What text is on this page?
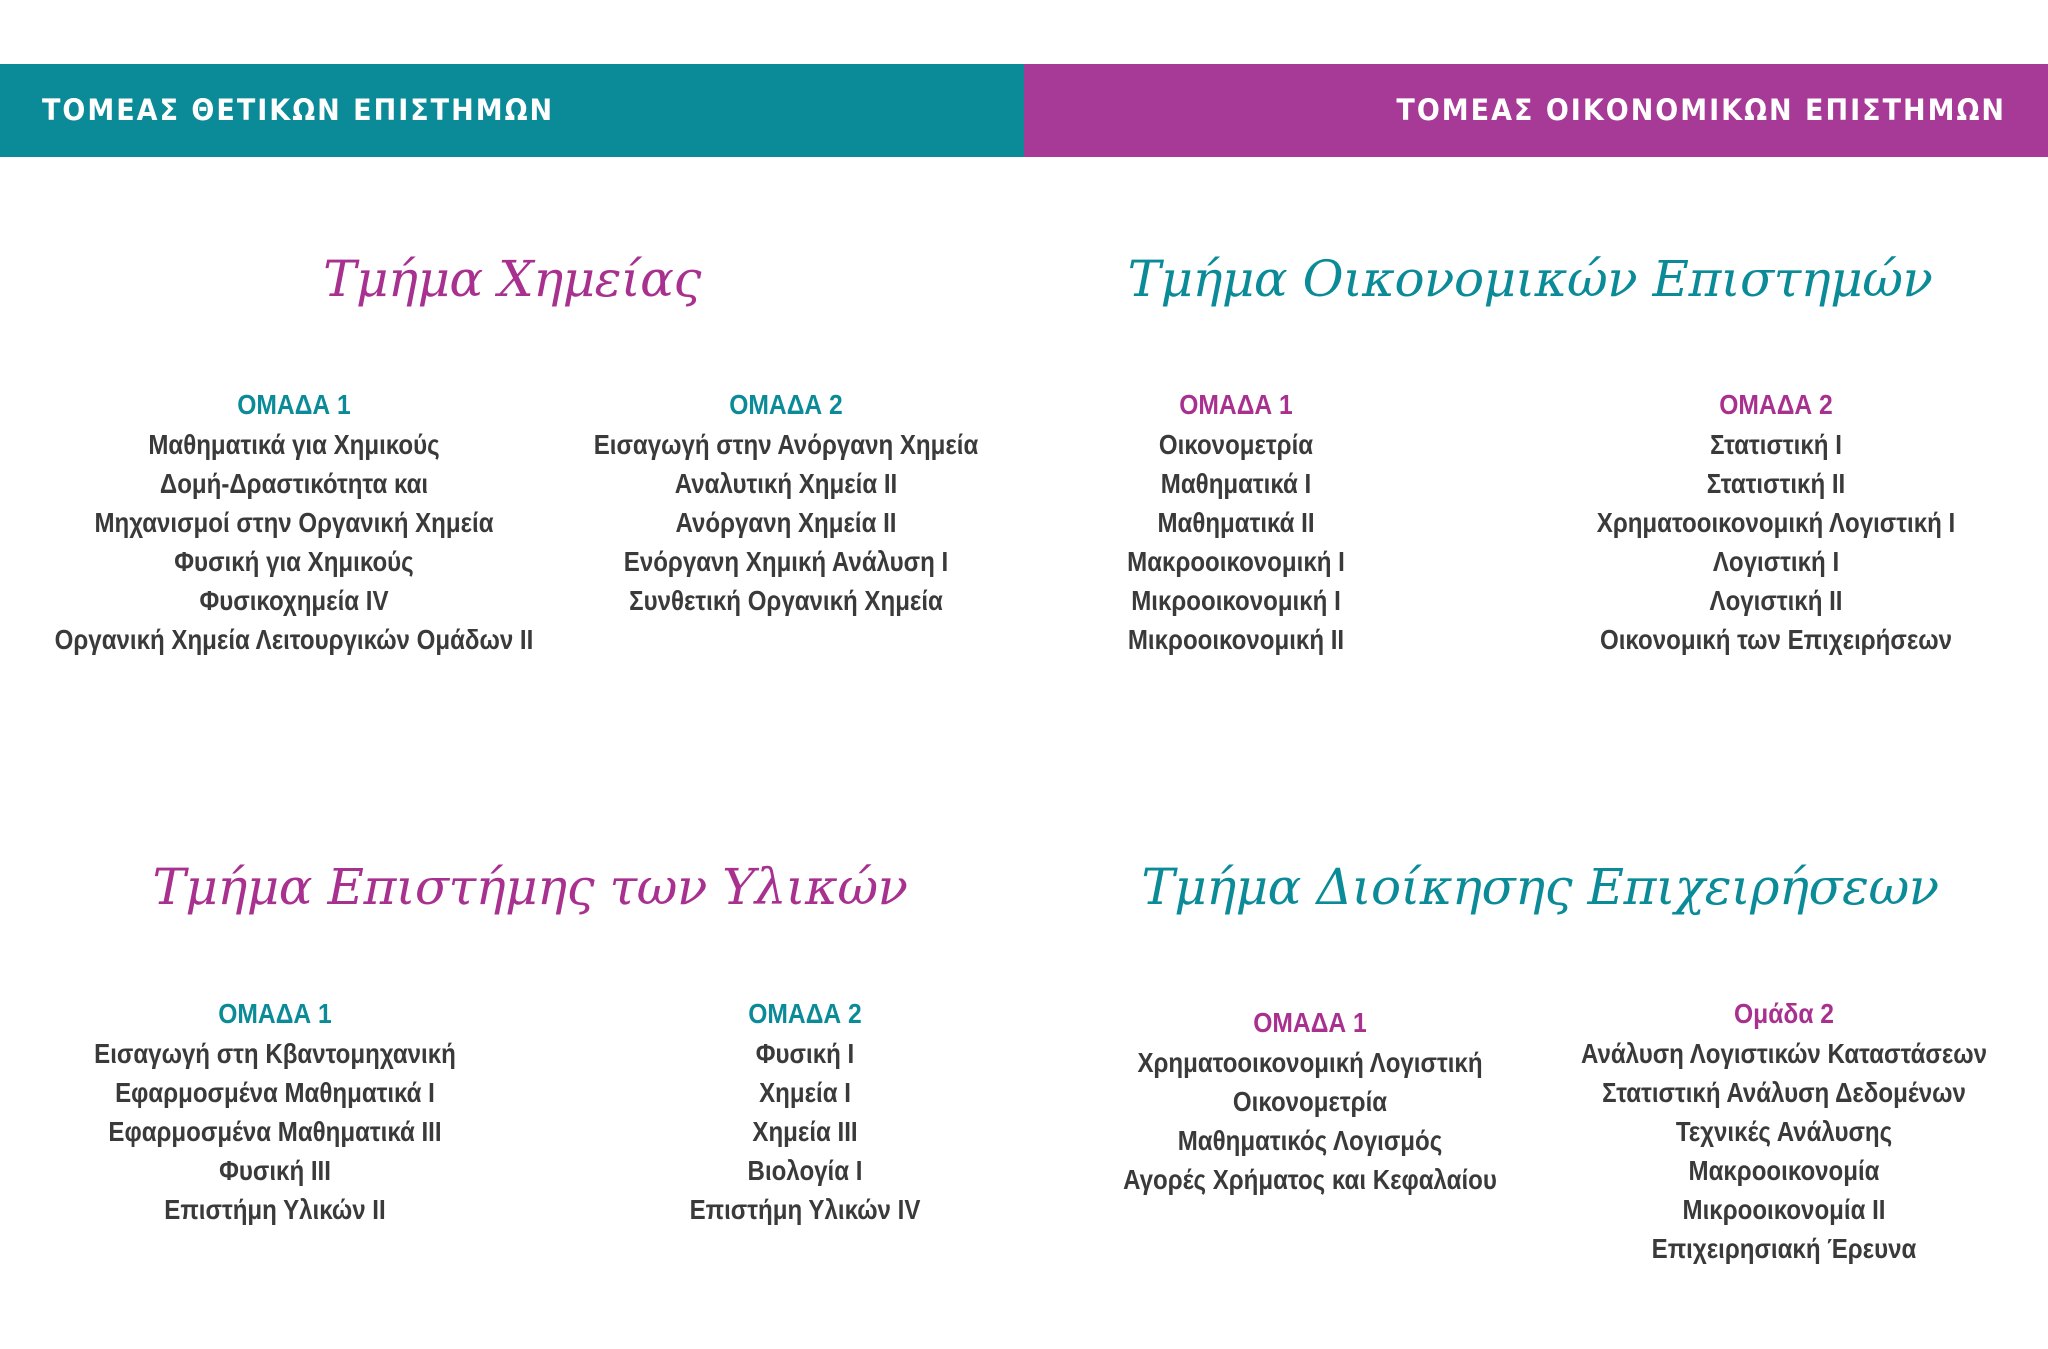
ΤΟΜΕΑΣ ΘΕΤΙΚΩΝ ΕΠΙΣΤΗΜΩΝ	ΤΟΜΕΑΣ ΟΙΚΟΝΟΜΙΚΩΝ ΕΠΙΣΤΗΜΩΝ
Τμήμα Χημείας
ΟΜΑΔΑ 1
Μαθηματικά για Χημικούς
Δομή-Δραστικότητα και
Μηχανισμοί στην Οργανική Χημεία
Φυσική για Χημικούς
Φυσικοχημεία IV
Οργανική Χημεία Λειτουργικών Ομάδων II
ΟΜΑΔΑ 2
Εισαγωγή στην Ανόργανη Χημεία
Αναλυτική Χημεία II
Ανόργανη Χημεία II
Ενόργανη Χημική Ανάλυση I
Συνθετική Οργανική Χημεία
Τμήμα Οικονομικών Επιστημών
ΟΜΑΔΑ 1
Οικονομετρία
Μαθηματικά I
Μαθηματικά II
Μακροοικονομική I
Μικροοικονομική I
Μικροοικονομική II
ΟΜΑΔΑ 2
Στατιστική I
Στατιστική II
Χρηματοοικονομική Λογιστική I
Λογιστική I
Λογιστική II
Οικονομική των Επιχειρήσεων
Τμήμα Επιστήμης των Υλικών
ΟΜΑΔΑ 1
Εισαγωγή στη Κβαντομηχανική
Εφαρμοσμένα Μαθηματικά I
Εφαρμοσμένα Μαθηματικά III
Φυσική III
Επιστήμη Υλικών II
ΟΜΑΔΑ 2
Φυσική I
Χημεία I
Χημεία III
Βιολογία I
Επιστήμη Υλικών IV
Τμήμα Διοίκησης Επιχειρήσεων
ΟΜΑΔΑ 1
Χρηματοοικονομική Λογιστική
Οικονομετρία
Μαθηματικός Λογισμός
Αγορές Χρήματος και Κεφαλαίου
Ομάδα 2
Ανάλυση Λογιστικών Καταστάσεων
Στατιστική Ανάλυση Δεδομένων
Τεχνικές Ανάλυσης
Μακροοικονομία
Μικροοικονομία II
Επιχειρησιακή Έρευνα
